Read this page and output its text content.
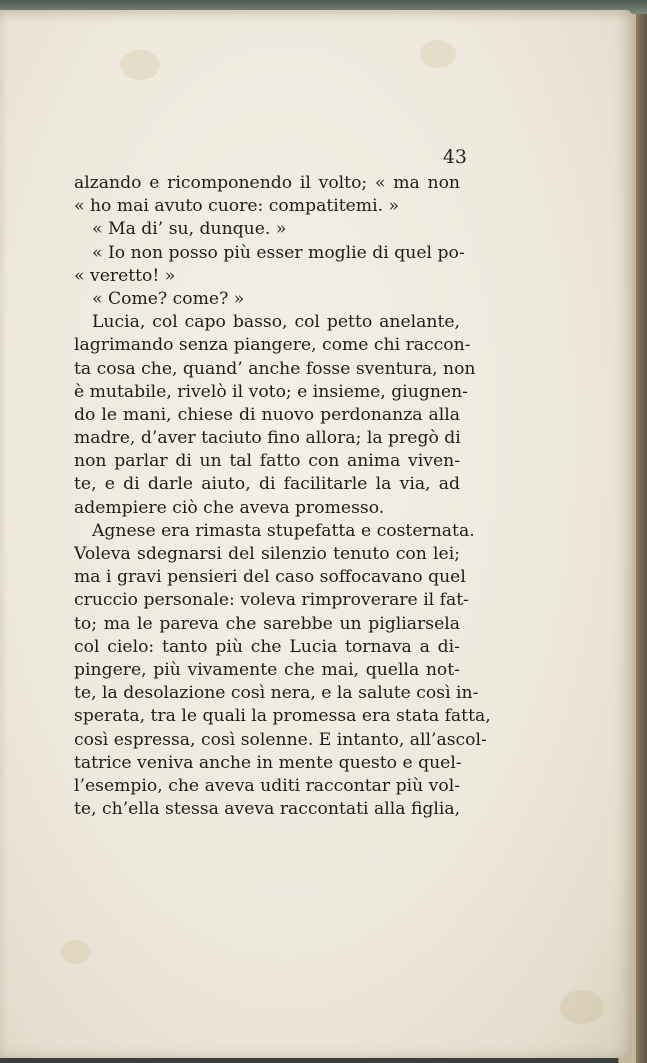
43
alzando e ricomponendo il volto; « ma non
« ho mai avuto cuore: compatitemi. »
« Ma di’ su, dunque. »
« Io non posso più esser moglie di quel po-
« veretto! »
« Come? come? »
Lucia, col capo basso, col petto anelante,
lagrimando senza piangere, come chi raccon-
ta cosa che, quand’ anche fosse sventura, non
è mutabile, rivelò il voto; e insieme, giugnen-
do le mani, chiese di nuovo perdonanza alla
madre, d’aver taciuto fino allora; la pregò di
non parlar di un tal fatto con anima viven-
te, e di darle aiuto, di facilitarle la via, ad
adempiere ciò che aveva promesso.
Agnese era rimasta stupefatta e costernata.
Voleva sdegnarsi del silenzio tenuto con lei;
ma i gravi pensieri del caso soffocavano quel
cruccio personale: voleva rimproverare il fat-
to; ma le pareva che sarebbe un pigliarsela
col cielo: tanto più che Lucia tornava a di-
pingere, più vivamente che mai, quella not-
te, la desolazione così nera, e la salute così in-
sperata, tra le quali la promessa era stata fatta,
così espressa, così solenne. E intanto, all’ascol-
tatrice veniva anche in mente questo e quel-
l’esempio, che aveva uditi raccontar più vol-
te, ch’ella stessa aveva raccontati alla figlia,
